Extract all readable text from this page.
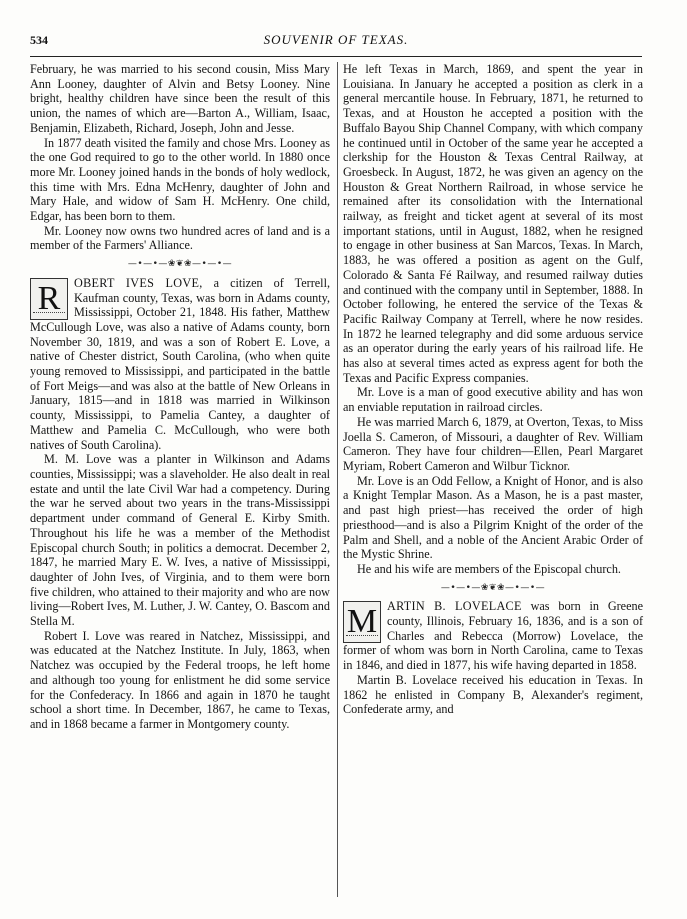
534	SOUVENIR OF TEXAS.

February, he was married to his second cousin, Miss Mary Ann Looney, daughter of Alvin and Betsy Looney. Nine bright, healthy children have since been the result of this union, the names of which are—Barton A., William, Isaac, Benjamin, Elizabeth, Richard, Joseph, John and Jesse.

In 1877 death visited the family and chose Mrs. Looney as the one God required to go to the other world. In 1880 once more Mr. Looney joined hands in the bonds of holy wedlock, this time with Mrs. Edna McHenry, daughter of John and Mary Hale, and widow of Sam H. McHenry. One child, Edgar, has been born to them.

Mr. Looney now owns two hundred acres of land and is a member of the Farmers' Alliance.

—•—•—❀❦❀—•—•—

R	OBERT IVES LOVE, a citizen of Terrell, Kaufman county, Texas, was born in Adams county, Mississippi, October 21, 1848. His father, Matthew McCullough Love, was also a native of Adams county, born November 30, 1819, and was a son of Robert E. Love, a native of Chester district, South Carolina, (who when quite young removed to Mississippi, and participated in the battle of Fort Meigs—and was also at the battle of New Orleans in January, 1815—and in 1818 was married in Wilkinson county, Mississippi, to Pamelia Cantey, a daughter of Matthew and Pamelia C. McCullough, who were both natives of South Carolina).

M. M. Love was a planter in Wilkinson and Adams counties, Mississippi; was a slaveholder. He also dealt in real estate and until the late Civil War had a competency. During the war he served about two years in the trans-Mississippi department under command of General E. Kirby Smith. Throughout his life he was a member of the Methodist Episcopal church South; in politics a democrat. December 2, 1847, he married Mary E. W. Ives, a native of Mississippi, daughter of John Ives, of Virginia, and to them were born five children, who attained to their majority and who are now living—Robert Ives, M. Luther, J. W. Cantey, O. Bascom and Stella M.

Robert I. Love was reared in Natchez, Mississippi, and was educated at the Natchez Institute. In July, 1863, when Natchez was occupied by the Federal troops, he left home and although too young for enlistment he did some service for the Confederacy. In 1866 and again in 1870 he taught school a short time. In December, 1867, he came to Texas, and in 1868 became a farmer in Montgomery county.

He left Texas in March, 1869, and spent the year in Louisiana. In January he accepted a position as clerk in a general mercantile house. In February, 1871, he returned to Texas, and at Houston he accepted a position with the Buffalo Bayou Ship Channel Company, with which company he continued until in October of the same year he accepted a clerkship for the Houston & Texas Central Railway, at Groesbeck. In August, 1872, he was given an agency on the Houston & Great Northern Railroad, in whose service he remained after its consolidation with the International railway, as freight and ticket agent at several of its most important stations, until in August, 1882, when he resigned to engage in other business at San Marcos, Texas. In March, 1883, he was offered a position as agent on the Gulf, Colorado & Santa Fé Railway, and resumed railway duties and continued with the company until in September, 1888. In October following, he entered the service of the Texas & Pacific Railway Company at Terrell, where he now resides. In 1872 he learned telegraphy and did some arduous service as an operator during the early years of his railroad life. He has also at several times acted as express agent for both the Texas and Pacific Express companies.

Mr. Love is a man of good executive ability and has won an enviable reputation in railroad circles.

He was married March 6, 1879, at Overton, Texas, to Miss Joella S. Cameron, of Missouri, a daughter of Rev. William Cameron. They have four children—Ellen, Pearl Margaret Myriam, Robert Cameron and Wilbur Ticknor.

Mr. Love is an Odd Fellow, a Knight of Honor, and is also a Knight Templar Mason. As a Mason, he is a past master, and past high priest—has received the order of high priesthood—and is also a Pilgrim Knight of the order of the Palm and Shell, and a noble of the Ancient Arabic Order of the Mystic Shrine.

He and his wife are members of the Episcopal church.

—•—•—❀❦❀—•—•—

M ARTIN B. LOVELACE was born in Greene county, Illinois, February 16, 1836, and is a son of Charles and Rebecca (Morrow) Lovelace, the former of whom was born in North Carolina, came to Texas in 1846, and died in 1877, his wife having departed in 1858.

Martin B. Lovelace received his education in Texas. In 1862 he enlisted in Company B, Alexander's regiment, Confederate army, and
